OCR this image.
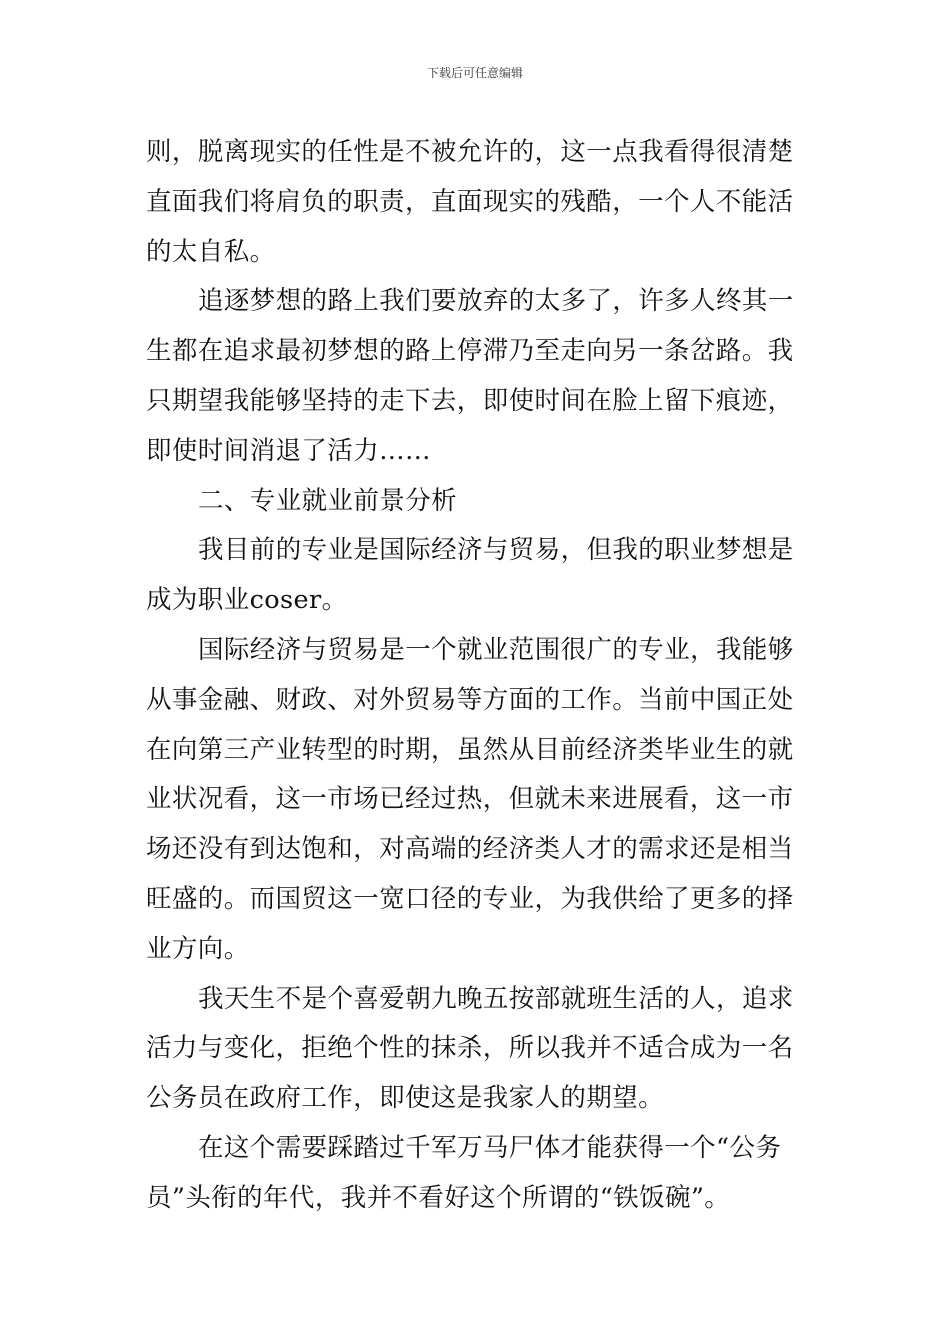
下载后可任意编辑

则，脱离现实的任性是不被允许的，这一点我看得很清楚直面我们将肩负的职责，直面现实的残酷，一个人不能活的太自私。

追逐梦想的路上我们要放弃的太多了，许多人终其一生都在追求最初梦想的路上停滞乃至走向另一条岔路。我只期望我能够坚持的走下去，即使时间在脸上留下痕迹，即使时间消退了活力……

二、专业就业前景分析

我目前的专业是国际经济与贸易，但我的职业梦想是成为职业coser。

国际经济与贸易是一个就业范围很广的专业，我能够从事金融、财政、对外贸易等方面的工作。当前中国正处在向第三产业转型的时期，虽然从目前经济类毕业生的就业状况看，这一市场已经过热，但就未来进展看，这一市场还没有到达饱和，对高端的经济类人才的需求还是相当旺盛的。而国贸这一宽口径的专业，为我供给了更多的择业方向。

我天生不是个喜爱朝九晚五按部就班生活的人，追求活力与变化，拒绝个性的抹杀，所以我并不适合成为一名公务员在政府工作，即使这是我家人的期望。

在这个需要踩踏过千军万马尸体才能获得一个“公务员”头衔的年代，我并不看好这个所谓的“铁饭碗”。
